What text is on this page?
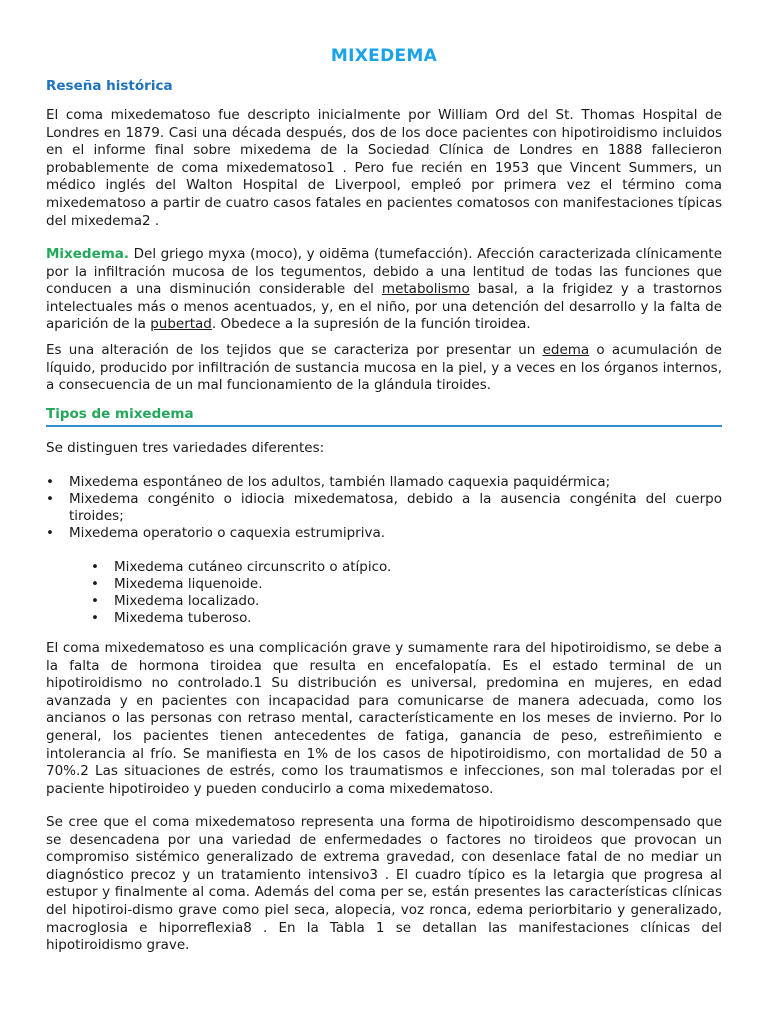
MIXEDEMA
Reseña histórica
El coma mixedematoso fue descripto inicialmente por William Ord del St. Thomas Hospital de Londres en 1879. Casi una década después, dos de los doce pacientes con hipotiroidismo incluidos en el informe final sobre mixedema de la Sociedad Clínica de Londres en 1888 fallecieron probablemente de coma mixedematoso1 . Pero fue recién en 1953 que Vincent Summers, un médico inglés del Walton Hospital de Liverpool, empleó por primera vez el término coma mixedematoso a partir de cuatro casos fatales en pacientes comatosos con manifestaciones típicas del mixedema2 .
Mixedema. Del griego myxa (moco), y oidēma (tumefacción). Afección caracterizada clínicamente por la infiltración mucosa de los tegumentos, debido a una lentitud de todas las funciones que conducen a una disminución considerable del metabolismo basal, a la frigidez y a trastornos intelectuales más o menos acentuados, y, en el niño, por una detención del desarrollo y la falta de aparición de la pubertad. Obedece a la supresión de la función tiroidea.
Es una alteración de los tejidos que se caracteriza por presentar un edema o acumulación de líquido, producido por infiltración de sustancia mucosa en la piel, y a veces en los órganos internos, a consecuencia de un mal funcionamiento de la glándula tiroides.
Tipos de mixedema
Se distinguen tres variedades diferentes:
• Mixedema espontáneo de los adultos, también llamado caquexia paquidérmica;
• Mixedema congénito o idiocia mixedematosa, debido a la ausencia congénita del cuerpo tiroides;
• Mixedema operatorio o caquexia estrumipriva.
• Mixedema cutáneo circunscrito o atípico.
• Mixedema liquenoide.
• Mixedema localizado.
• Mixedema tuberoso.
El coma mixedematoso es una complicación grave y sumamente rara del hipotiroidismo, se debe a la falta de hormona tiroidea que resulta en encefalopatía. Es el estado terminal de un hipotiroidismo no controlado.1 Su distribución es universal, predomina en mujeres, en edad avanzada y en pacientes con incapacidad para comunicarse de manera adecuada, como los ancianos o las personas con retraso mental, característicamente en los meses de invierno. Por lo general, los pacientes tienen antecedentes de fatiga, ganancia de peso, estreñimiento e intolerancia al frío. Se manifiesta en 1% de los casos de hipotiroidismo, con mortalidad de 50 a 70%.2 Las situaciones de estrés, como los traumatismos e infecciones, son mal toleradas por el paciente hipotiroideo y pueden conducirlo a coma mixedematoso.
Se cree que el coma mixedematoso representa una forma de hipotiroidismo descompensado que se desencadena por una variedad de enfermedades o factores no tiroideos que provocan un compromiso sistémico generalizado de extrema gravedad, con desenlace fatal de no mediar un diagnóstico precoz y un tratamiento intensivo3 . El cuadro típico es la letargia que progresa al estupor y finalmente al coma. Además del coma per se, están presentes las características clínicas del hipotiroi-dismo grave como piel seca, alopecia, voz ronca, edema periorbitario y generalizado, macroglosia e hiporreflexia8 . En la Tabla 1 se detallan las manifestaciones clínicas del hipotiroidismo grave.
